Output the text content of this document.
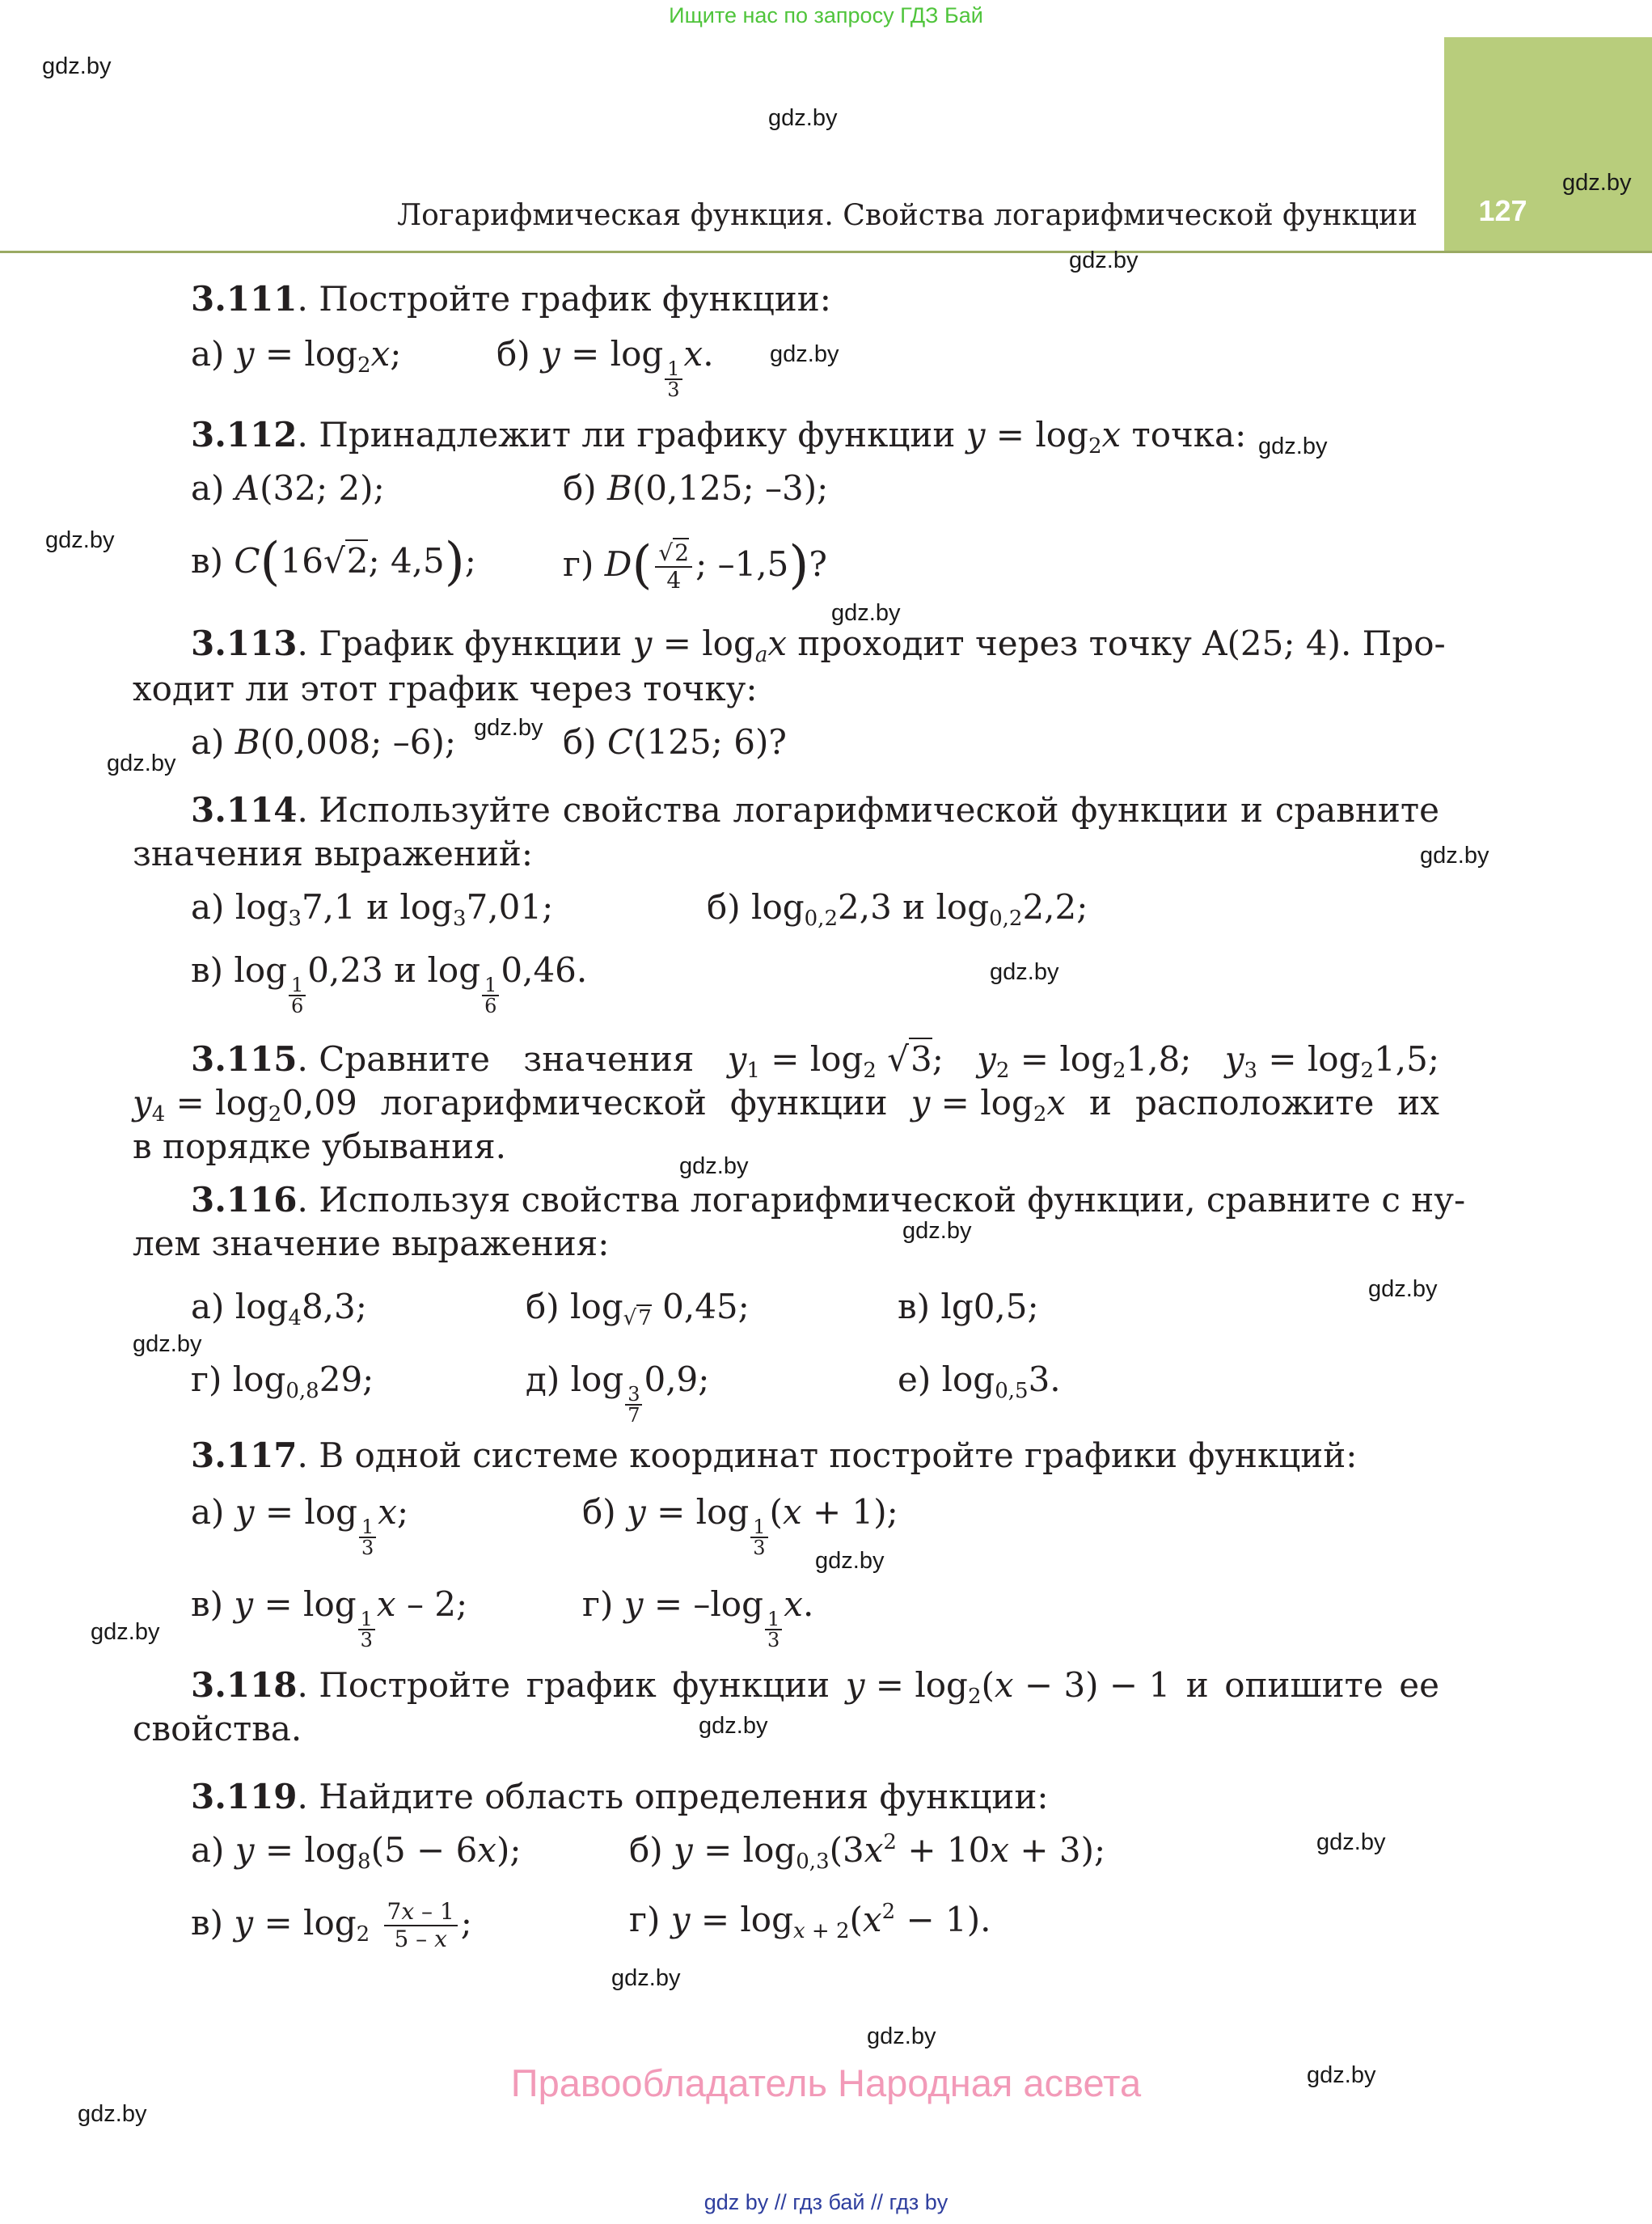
Ищите нас по запросу ГДЗ Бай
127
Логарифмическая функция. Свойства логарифмической функции
gdz.by
gdz.by
gdz.by
gdz.by
gdz.by
gdz.by
gdz.by
gdz.by
gdz.by
gdz.by
gdz.by
gdz.by
gdz.by
gdz.by
gdz.by
gdz.by
gdz.by
gdz.by
gdz.by
gdz.by
gdz.by
gdz.by
gdz.by
gdz.by
3.111. Постройте график функции:
а) $y = \log_2x$;	б) y = log
$\frac{1}{3}$
x.
3.112. Принадлежит ли графику функции $y = \log_2x$ точка:
а) A(32; 2);	б) B(0,125; –3);
в) C(16√2; 4,5);	г) $D( \frac{√2}{4}$ ; –1,5)?
3.113. График функции $y = \log_ax$ проходит через точку A(25; 4). Про-
ходит ли этот график через точку:
а) B(0,008; –6);	б) C(125; 6)?
3.114. Используйте свойства логарифмической функции и сравните
значения выражений:
а) $\log_37,1$ и $\log_37,01$;	б) $\log_{0,2}2,3$ и $\log_{0,2}2,2$;
в) log
$\frac{1}{6}$
0,23 и log
$\frac{1}{6}$
0,46.
3.115. Сравните значения $y_1 = \log_2 √3$; $y_2 = \log_21,8$; $y_3 = \log_21,5$;
$y_4 = \log_20,09$ логарифмической функции $y = \log_2x$ и расположите их
в порядке убывания.
3.116. Используя свойства логарифмической функции, сравните с ну-
лем значение выражения:
а) $\log_48,3$;	б) $\log_{√7} 0,45$;	в) lg0,5;
г) $\log_{0,8}29$;	д) log
$\frac{3}{7}$
0,9;	е) $\log_{0,5}3$.
3.117. В одной системе координат постройте графики функций:
а) y = log
$\frac{1}{3}$
x;	б) y = log
$\frac{1}{3}$
(x + 1);
в) y = log
$\frac{1}{3}$
x – 2;	г) y = –log
$\frac{1}{3}$
x.
3.118. Постройте график функции $y = \log_2(x - 3) - 1$ и опишите ее
свойства.
3.119. Найдите область определения функции:
а) $y = \log_8(5 - 6x)$;	б) $y = \log_{0,3}(3x^2 + 10x + 3)$;
в) $y = \log_2 \frac{7x - 1}{5 - x}$ ;	г) $y = \log_{x + 2}(x^2 - 1)$.
Правообладатель Народная асвета
gdz by // гдз бай // гдз by
